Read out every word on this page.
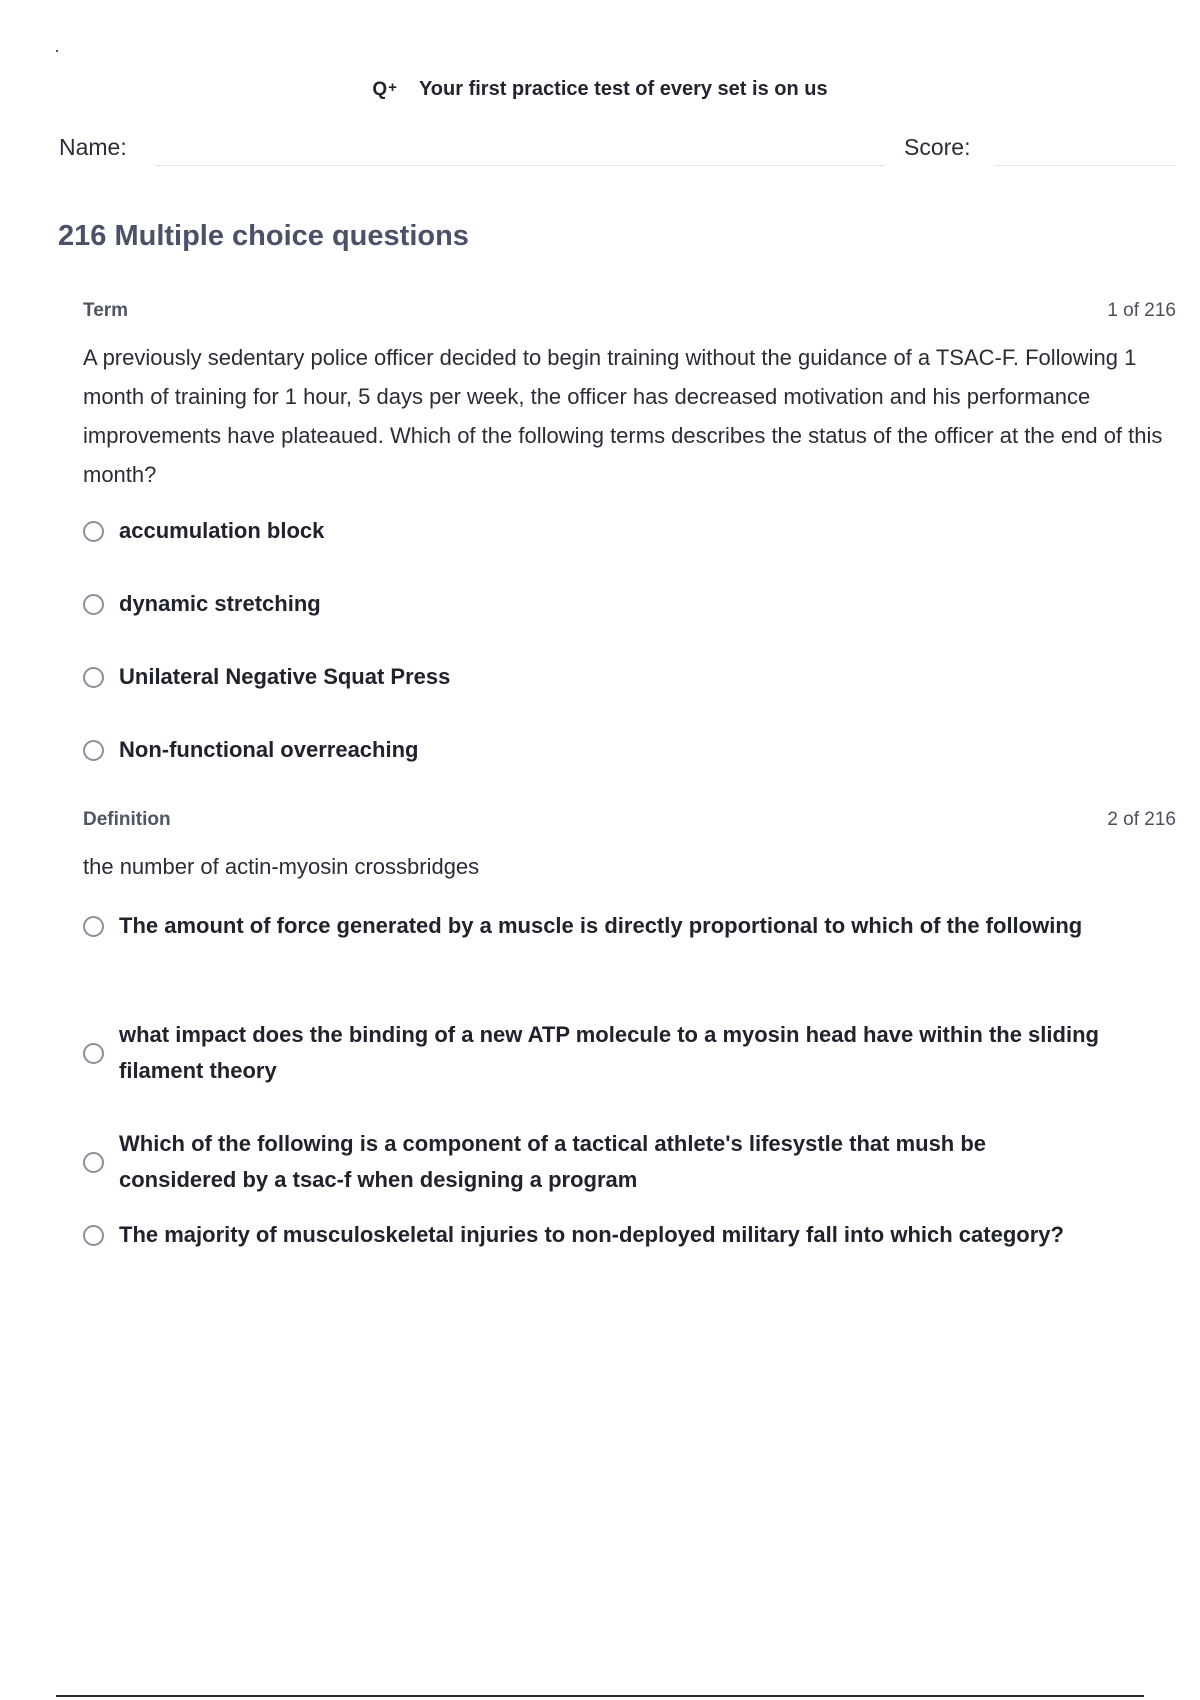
Q + Your first practice test of every set is on us
Name:	Score:
216 Multiple choice questions
Term	1 of 216
A previously sedentary police officer decided to begin training without the guidance of a TSAC-F. Following 1 month of training for 1 hour, 5 days per week, the officer has decreased motivation and his performance improvements have plateaued. Which of the following terms describes the status of the officer at the end of this month?
accumulation block
dynamic stretching
Unilateral Negative Squat Press
Non-functional overreaching
Definition	2 of 216
the number of actin-myosin crossbridges
The amount of force generated by a muscle is directly proportional to which of the following
what impact does the binding of a new ATP molecule to a myosin head have within the sliding filament theory
Which of the following is a component of a tactical athlete's lifesystle that mush be considered by a tsac-f when designing a program
The majority of musculoskeletal injuries to non-deployed military fall into which category?
